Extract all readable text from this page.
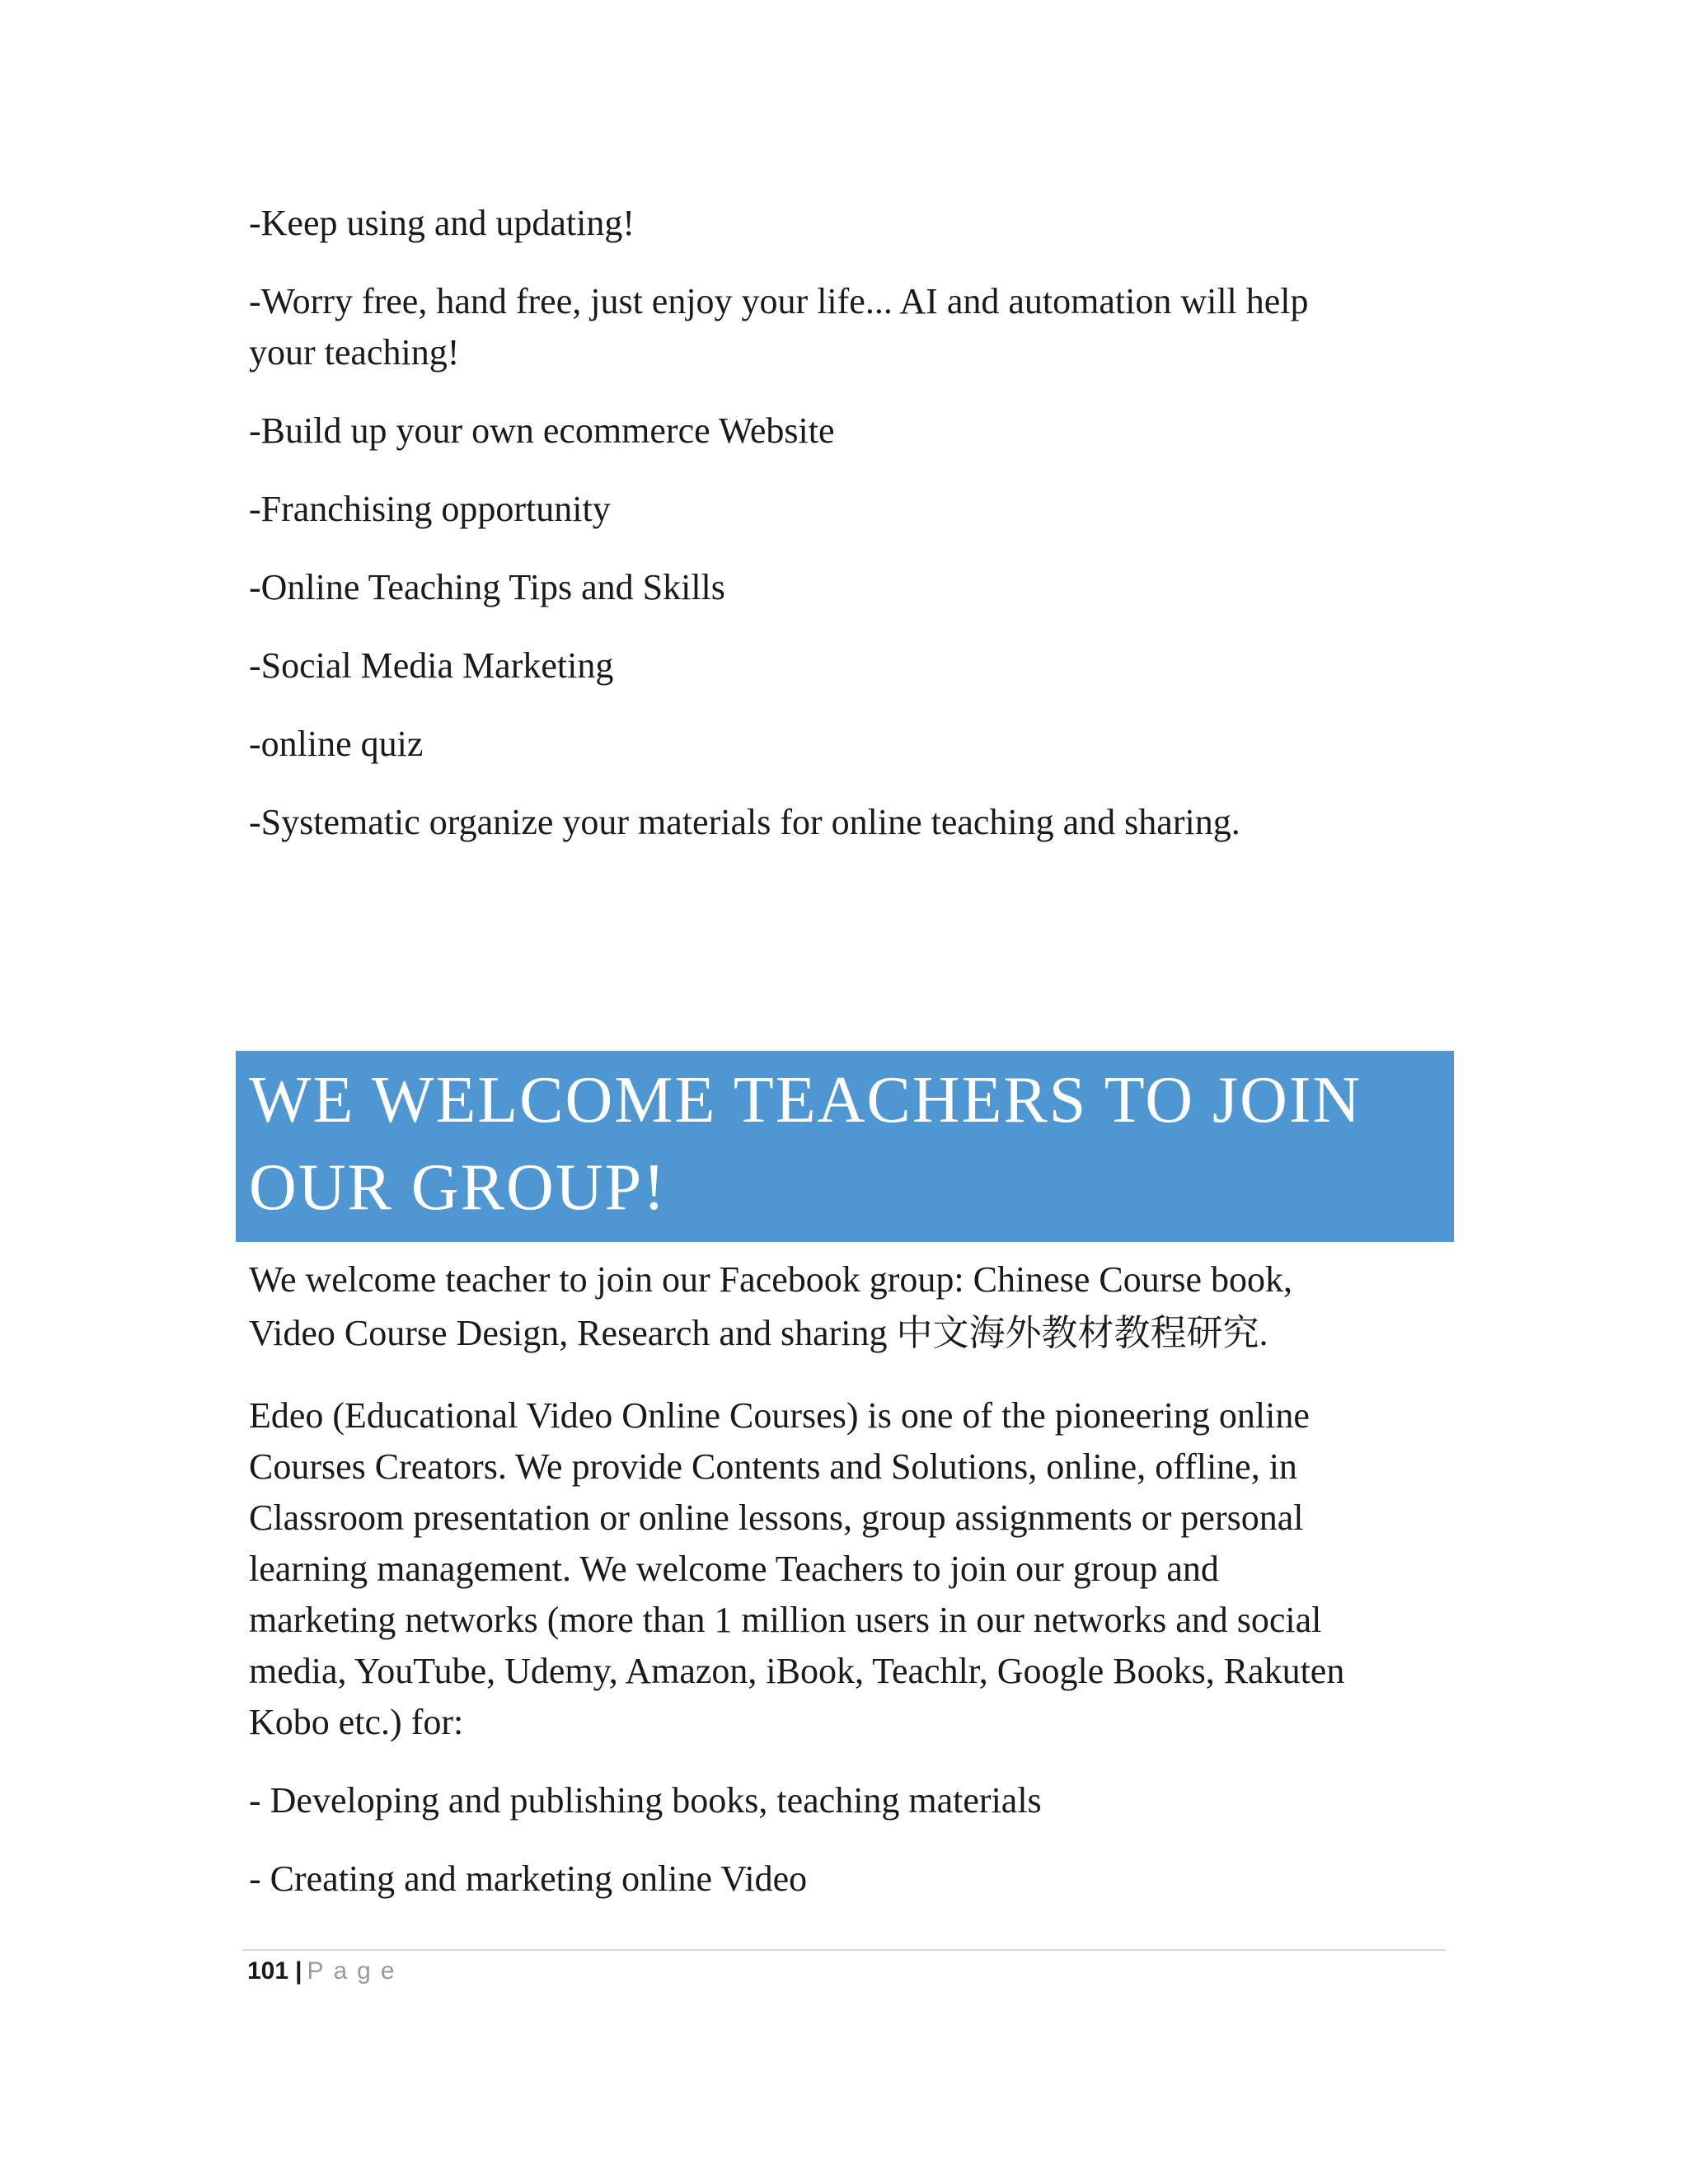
-Keep using and updating!

-Worry free, hand free, just enjoy your life... AI and automation will help

your teaching!

-Build up your own ecommerce Website

-Franchising opportunity

-Online Teaching Tips and Skills

-Social Media Marketing

-online quiz

-Systematic organize your materials for online teaching and sharing.

WE WELCOME TEACHERS TO JOIN

OUR GROUP!

We welcome teacher to join our Facebook group: Chinese Course book,

Video Course Design, Research and sharing 中文海外教材教程研究.

Edeo (Educational Video Online Courses) is one of the pioneering online

Courses Creators. We provide Contents and Solutions, online, offline, in

Classroom presentation or online lessons, group assignments or personal

learning management. We welcome Teachers to join our group and

marketing networks (more than 1 million users in our networks and social

media, YouTube, Udemy, Amazon, iBook, Teachlr, Google Books, Rakuten

Kobo etc.) for:

- Developing and publishing books, teaching materials

- Creating and marketing online Video

101 | Page
